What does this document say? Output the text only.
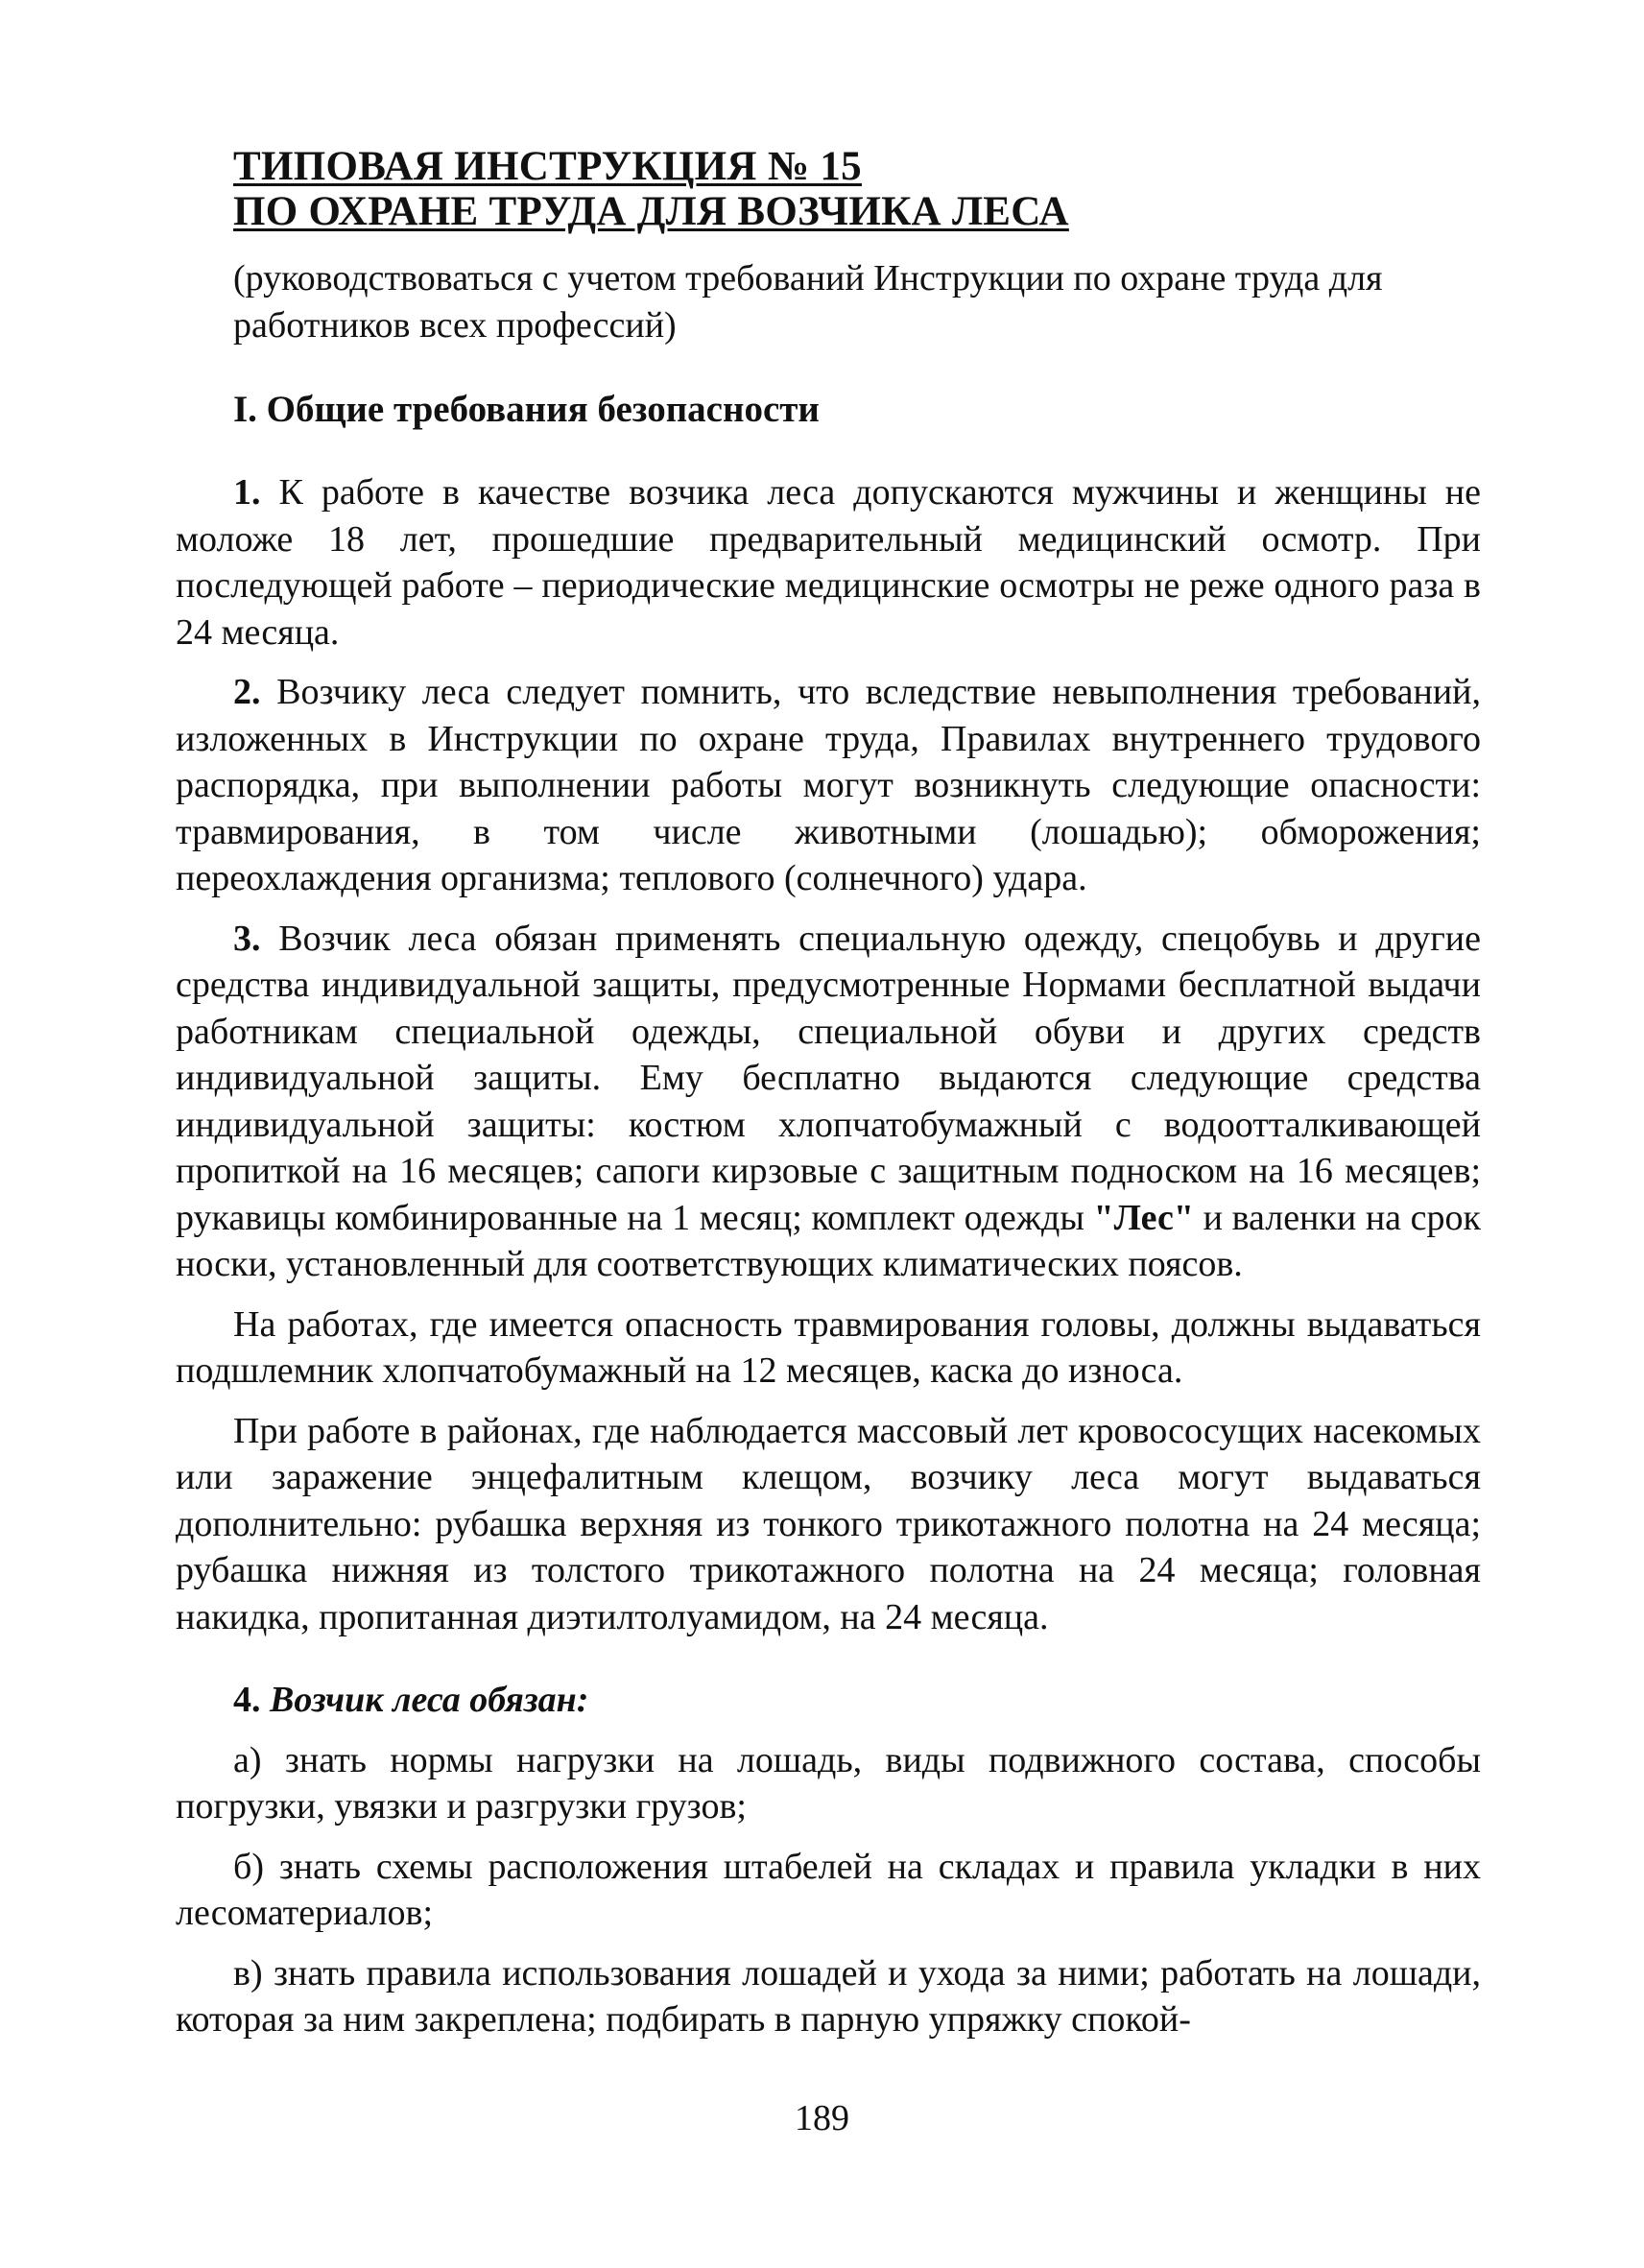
ТИПОВАЯ ИНСТРУКЦИЯ № 15
ПО ОХРАНЕ ТРУДА ДЛЯ ВОЗЧИКА ЛЕСА
(руководствоваться с учетом требований Инструкции по охране труда для работников всех профессий)
I. Общие требования безопасности

1. К работе в качестве возчика леса допускаются мужчины и женщины не моложе 18 лет, прошедшие предварительный медицинский осмотр. При последующей работе – периодические медицинские осмотры не реже одного раза в 24 месяца.

2. Возчику леса следует помнить, что вследствие невыполнения требований, изложенных в Инструкции по охране труда, Правилах внутреннего трудового распорядка, при выполнении работы могут возникнуть следующие опасности: травмирования, в том числе животными (лошадью); обморожения; переохлаждения организма; теплового (солнечного) удара.

3. Возчик леса обязан применять специальную одежду, спецобувь и другие средства индивидуальной защиты, предусмотренные Нормами бесплатной выдачи работникам специальной одежды, специальной обуви и других средств индивидуальной защиты. Ему бесплатно выдаются следующие средства индивидуальной защиты: костюм хлопчатобумажный с водоотталкивающей пропиткой на 16 месяцев; сапоги кирзовые с защитным подноском на 16 месяцев; рукавицы комбинированные на 1 месяц; комплект одежды "Лес" и валенки на срок носки, установленный для соответствующих климатических поясов.

На работах, где имеется опасность травмирования головы, должны выдаваться подшлемник хлопчатобумажный на 12 месяцев, каска до износа.

При работе в районах, где наблюдается массовый лет кровососущих насекомых или заражение энцефалитным клещом, возчику леса могут выдаваться дополнительно: рубашка верхняя из тонкого трикотажного полотна на 24 месяца; рубашка нижняя из толстого трикотажного полотна на 24 месяца; головная накидка, пропитанная диэтилтолуамидом, на 24 месяца.

4. Возчик леса обязан:

а) знать нормы нагрузки на лошадь, виды подвижного состава, способы погрузки, увязки и разгрузки грузов;

б) знать схемы расположения штабелей на складах и правила укладки в них лесоматериалов;

в) знать правила использования лошадей и ухода за ними; работать на лошади, которая за ним закреплена; подбирать в парную упряжку спокой-

189
